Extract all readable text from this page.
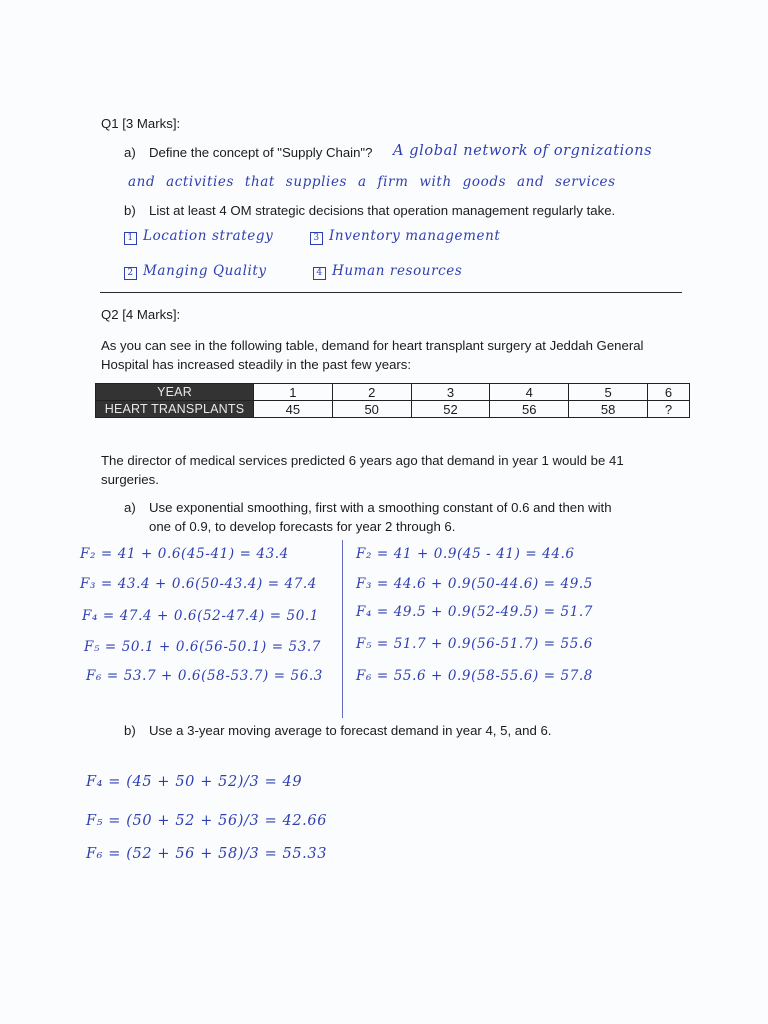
Q1 [3 Marks]:
a) Define the concept of "Supply Chain"? A global network of orgnizations
and activities that supplies a firm with goods and services
b) List at least 4 OM strategic decisions that operation management regularly take.
1 Location strategy	3 Inventory management
2 Manging Quality	4 Human resources
Q2 [4 Marks]:
As you can see in the following table, demand for heart transplant surgery at Jeddah General Hospital has increased steadily in the past few years:
YEAR	1	2	3	4	5	6
HEART TRANSPLANTS	45	50	52	56	58	?
The director of medical services predicted 6 years ago that demand in year 1 would be 41 surgeries.
a) Use exponential smoothing, first with a smoothing constant of 0.6 and then with
one of 0.9, to develop forecasts for year 2 through 6.
F₂ = 41 + 0.6(45-41) = 43.4
F₃ = 43.4 + 0.6(50-43.4) = 47.4
F₄ = 47.4 + 0.6(52-47.4) = 50.1
F₅ = 50.1 + 0.6(56-50.1) = 53.7
F₆ = 53.7 + 0.6(58-53.7) = 56.3
F₂ = 41 + 0.9(45 - 41) = 44.6
F₃ = 44.6 + 0.9(50-44.6) = 49.5
F₄ = 49.5 + 0.9(52-49.5) = 51.7
F₅ = 51.7 + 0.9(56-51.7) = 55.6
F₆ = 55.6 + 0.9(58-55.6) = 57.8
b) Use a 3-year moving average to forecast demand in year 4, 5, and 6.
F₄ = (45 + 50 + 52)/3 = 49
F₅ = (50 + 52 + 56)/3 = 42.66
F₆ = (52 + 56 + 58)/3 = 55.33
